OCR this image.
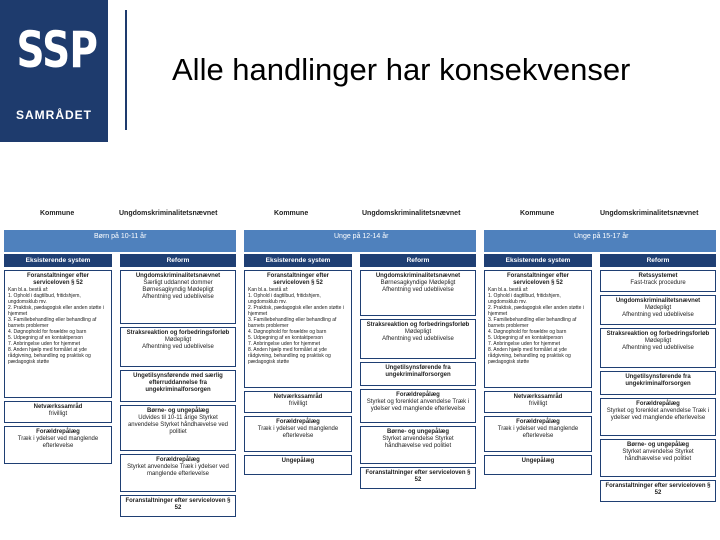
SSP
SAMRÅDET
Alle handlinger har konsekvenser
Kommune	Ungdomskriminalitetsnævnet
Børn på 10-11 år
Eksisterende system	Reform
Foranstaltninger efter serviceloven § 52
Kan bl.a. bestå af:
1. Ophold i dagtilbud, fritidshjem, ungdomsklub mv.
2. Praktisk, pædagogisk eller anden støtte i hjemmet
3. Familiebehandling eller behandling af barnets problemer
4. Døgnophold for forældre og barn
5. Udpegning af en kontaktperson
7. Anbringelse uden for hjemmet
8. Anden hjælp med formålet at yde rådgivning, behandling og praktisk og pædagogisk støtte
Netværkssamråd
frivilligt
Forældrepålæg
Træk i ydelser ved manglende efterlevelse
Ungdomskriminalitetsnævnet
Særligt uddannet dommer Børnesagkyndig Mødepligt
Afhentning ved udeblivelse
Straksreaktion og forbedringsforløb
Mødepligt
Afhentning ved udeblivelse
Ungetilsynsførende med særlig efterruddannelse fra ungekriminalforsorgen
Børne- og ungepålæg
Udvides til 10-11 årige Styrket anvendelse Styrket håndhævelse ved politiet
Forældrepålæg
Styrket anvendelse Træk i ydelser ved manglende efterlevelse
Foranstaltninger efter serviceloven § 52
Kommune	Ungdomskriminalitetsnævnet
Unge på 12-14 år
Eksisterende system	Reform
Foranstaltninger efter serviceloven § 52
Kan bl.a. bestå af:
1. Ophold i dagtilbud, fritidshjem, ungdomsklub mv.
2. Praktisk, pædagogisk eller anden støtte i hjemmet
3. Familiebehandling eller behandling af barnets problemer
4. Døgnophold for forældre og barn
5. Udpegning af en kontaktperson
7. Anbringelse uden for hjemmet
8. Anden hjælp med formålet at yde rådgivning, behandling og praktisk og pædagogisk støtte
Netværkssamråd
frivilligt
Forældrepålæg
Træk i ydelser ved manglende efterlevelse
Ungepålæg
Ungdomskriminalitetsnævnet
Børnesagkyndige Mødepligt
Afhentning ved udeblivelse
Straksreaktion og forbedringsforløb
Mødepligt
Afhentning ved udeblivelse
Ungetilsynsførende fra ungekriminalforsorgen
Forældrepålæg
Styrket og forenklet anvendelse Træk i ydelser ved manglende efterlevelse
Børne- og ungepålæg
Styrket anvendelse Styrket håndhævelse ved politiet
Foranstaltninger efter serviceloven § 52
Kommune	Ungdomskriminalitetsnævnet
Unge på 15-17 år
Eksisterende system	Reform
Foranstaltninger efter serviceloven § 52
Kan bl.a. bestå af:
1. Ophold i dagtilbud, fritidshjem, ungdomsklub mv.
2. Praktisk, pædagogisk eller anden støtte i hjemmet
3. Familiebehandling eller behandling af barnets problemer
4. Døgnophold for forældre og barn
5. Udpegning af en kontaktperson
7. Anbringelse uden for hjemmet
8. Anden hjælp med formålet at yde rådgivning, behandling og praktisk og pædagogisk støtte
Netværkssamråd
frivilligt
Forældrepålæg
Træk i ydelser ved manglende efterlevelse
Ungepålæg
Retssystemet
Fast-track procedure
Ungdomskriminalitetsnævnet
Mødepligt
Afhentning ved udeblivelse
Straksreaktion og forbedringsforløb
Mødepligt
Afhentning ved udeblivelse
Ungetilsynsførende fra ungekriminalforsorgen
Forældrepålæg
Styrket og forenklet anvendelse Træk i ydelser ved manglende efterlevelse
Børne- og ungepålæg
Styrket anvendelse Styrket håndhævelse ved politiet
Foranstaltninger efter serviceloven § 52
